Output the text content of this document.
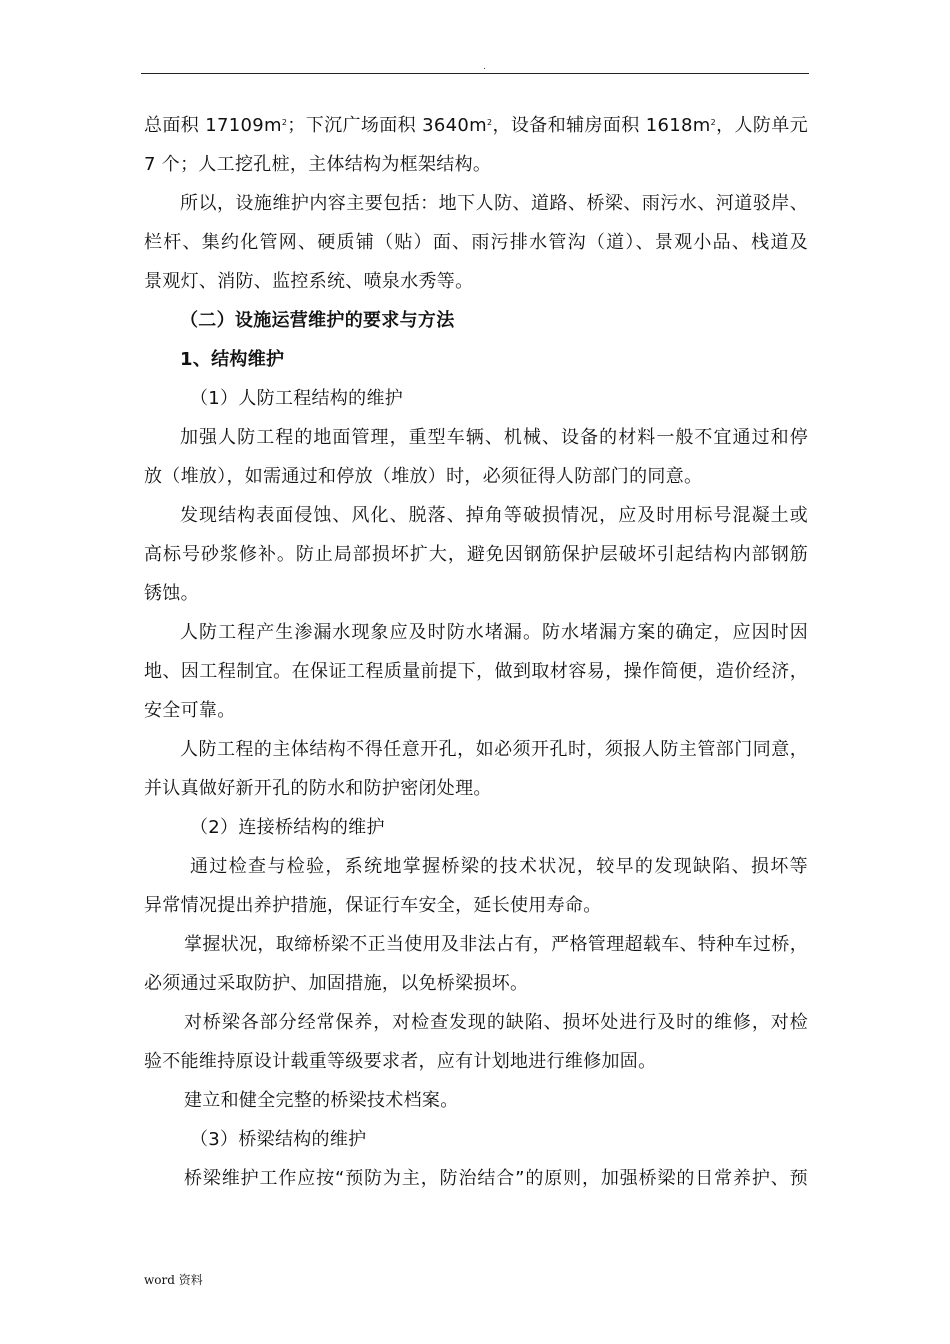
.
总面积 $17109m^2$；下沉广场面积 $3640m^2$，设备和辅房面积 $1618m^2$，人防单元
7 个；人工挖孔桩，主体结构为框架结构。
所以，设施维护内容主要包括：地下人防、道路、桥梁、雨污水、河道驳岸、
栏杆、集约化管网、硬质铺（贴）面、雨污排水管沟（道）、景观小品、栈道及
景观灯、消防、监控系统、喷泉水秀等。
（二）设施运营维护的要求与方法
1、结构维护
（1）人防工程结构的维护
加强人防工程的地面管理，重型车辆、机械、设备的材料一般不宜通过和停
放（堆放），如需通过和停放（堆放）时，必须征得人防部门的同意。
发现结构表面侵蚀、风化、脱落、掉角等破损情况，应及时用标号混凝土或
高标号砂浆修补。防止局部损坏扩大，避免因钢筋保护层破坏引起结构内部钢筋
锈蚀。
人防工程产生渗漏水现象应及时防水堵漏。防水堵漏方案的确定，应因时因
地、因工程制宜。在保证工程质量前提下，做到取材容易，操作简便，造价经济，
安全可靠。
人防工程的主体结构不得任意开孔，如必须开孔时，须报人防主管部门同意，
并认真做好新开孔的防水和防护密闭处理。
（2）连接桥结构的维护
通过检查与检验，系统地掌握桥梁的技术状况，较早的发现缺陷、损坏等
异常情况提出养护措施，保证行车安全，延长使用寿命。
掌握状况，取缔桥梁不正当使用及非法占有，严格管理超载车、特种车过桥，
必须通过采取防护、加固措施，以免桥梁损坏。
对桥梁各部分经常保养，对检查发现的缺陷、损坏处进行及时的维修，对检
验不能维持原设计载重等级要求者，应有计划地进行维修加固。
建立和健全完整的桥梁技术档案。
（3）桥梁结构的维护
桥梁维护工作应按“预防为主，防治结合”的原则，加强桥梁的日常养护、预
word 资料
